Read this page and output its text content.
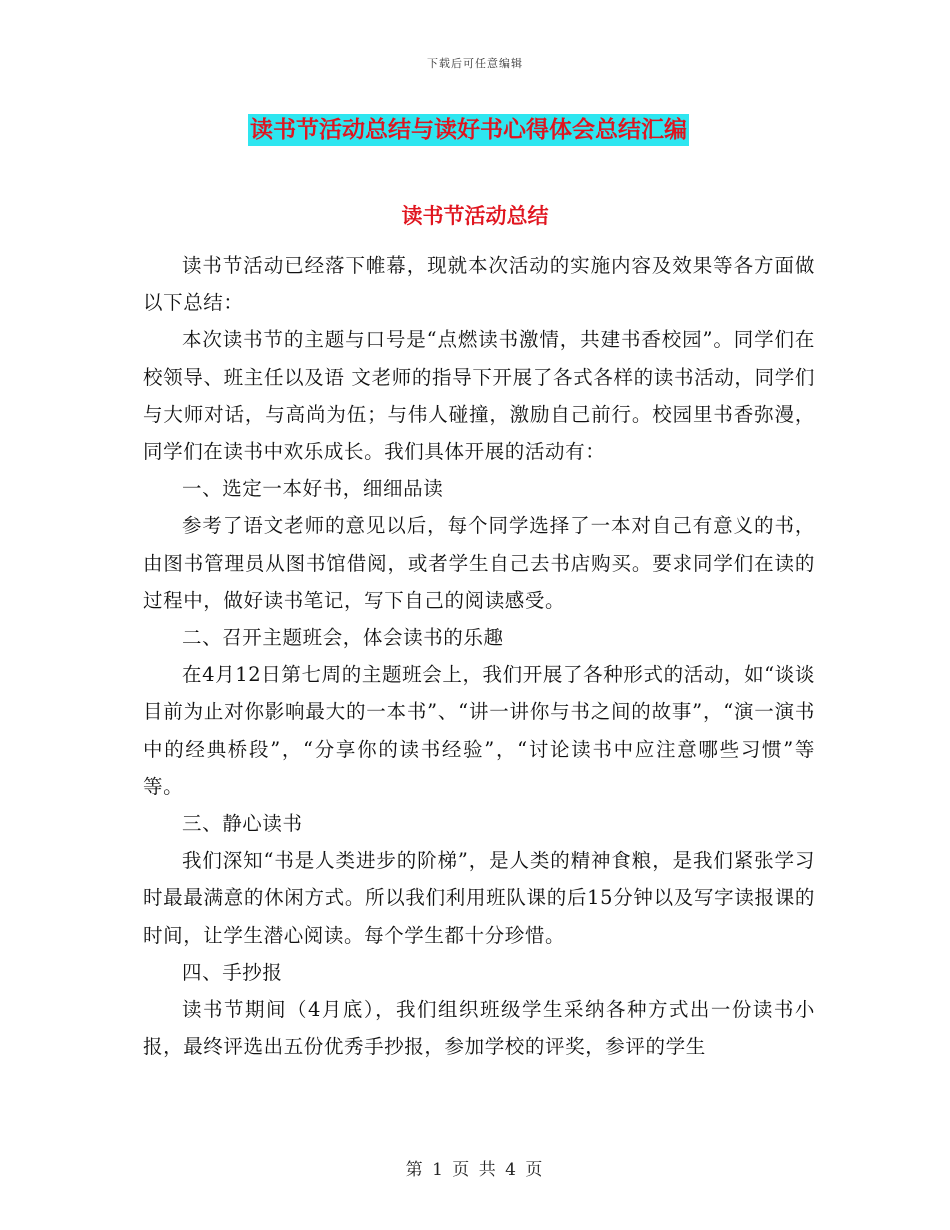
下载后可任意编辑
读书节活动总结与读好书心得体会总结汇编
读书节活动总结

读书节活动已经落下帷幕，现就本次活动的实施内容及效果等各方面做以下总结：

本次读书节的主题与口号是“点燃读书激情，共建书香校园”。同学们在校领导、班主任以及语 文老师的指导下开展了各式各样的读书活动，同学们与大师对话，与高尚为伍；与伟人碰撞，激励自己前行。校园里书香弥漫，同学们在读书中欢乐成长。我们具体开展的活动有：

一、选定一本好书，细细品读

参考了语文老师的意见以后，每个同学选择了一本对自己有意义的书，由图书管理员从图书馆借阅，或者学生自己去书店购买。要求同学们在读的过程中，做好读书笔记，写下自己的阅读感受。

二、召开主题班会，体会读书的乐趣

在4月12日第七周的主题班会上，我们开展了各种形式的活动，如“谈谈目前为止对你影响最大的一本书”、“讲一讲你与书之间的故事”，“演一演书中的经典桥段”，“分享你的读书经验”，“讨论读书中应注意哪些习惯”等等。

三、静心读书

我们深知“书是人类进步的阶梯”，是人类的精神食粮，是我们紧张学习时最最满意的休闲方式。所以我们利用班队课的后15分钟以及写字读报课的时间，让学生潜心阅读。每个学生都十分珍惜。

四、手抄报

读书节期间（4月底），我们组织班级学生采纳各种方式出一份读书小报，最终评选出五份优秀手抄报，参加学校的评奖，参评的学生

第 1 页 共 4 页
